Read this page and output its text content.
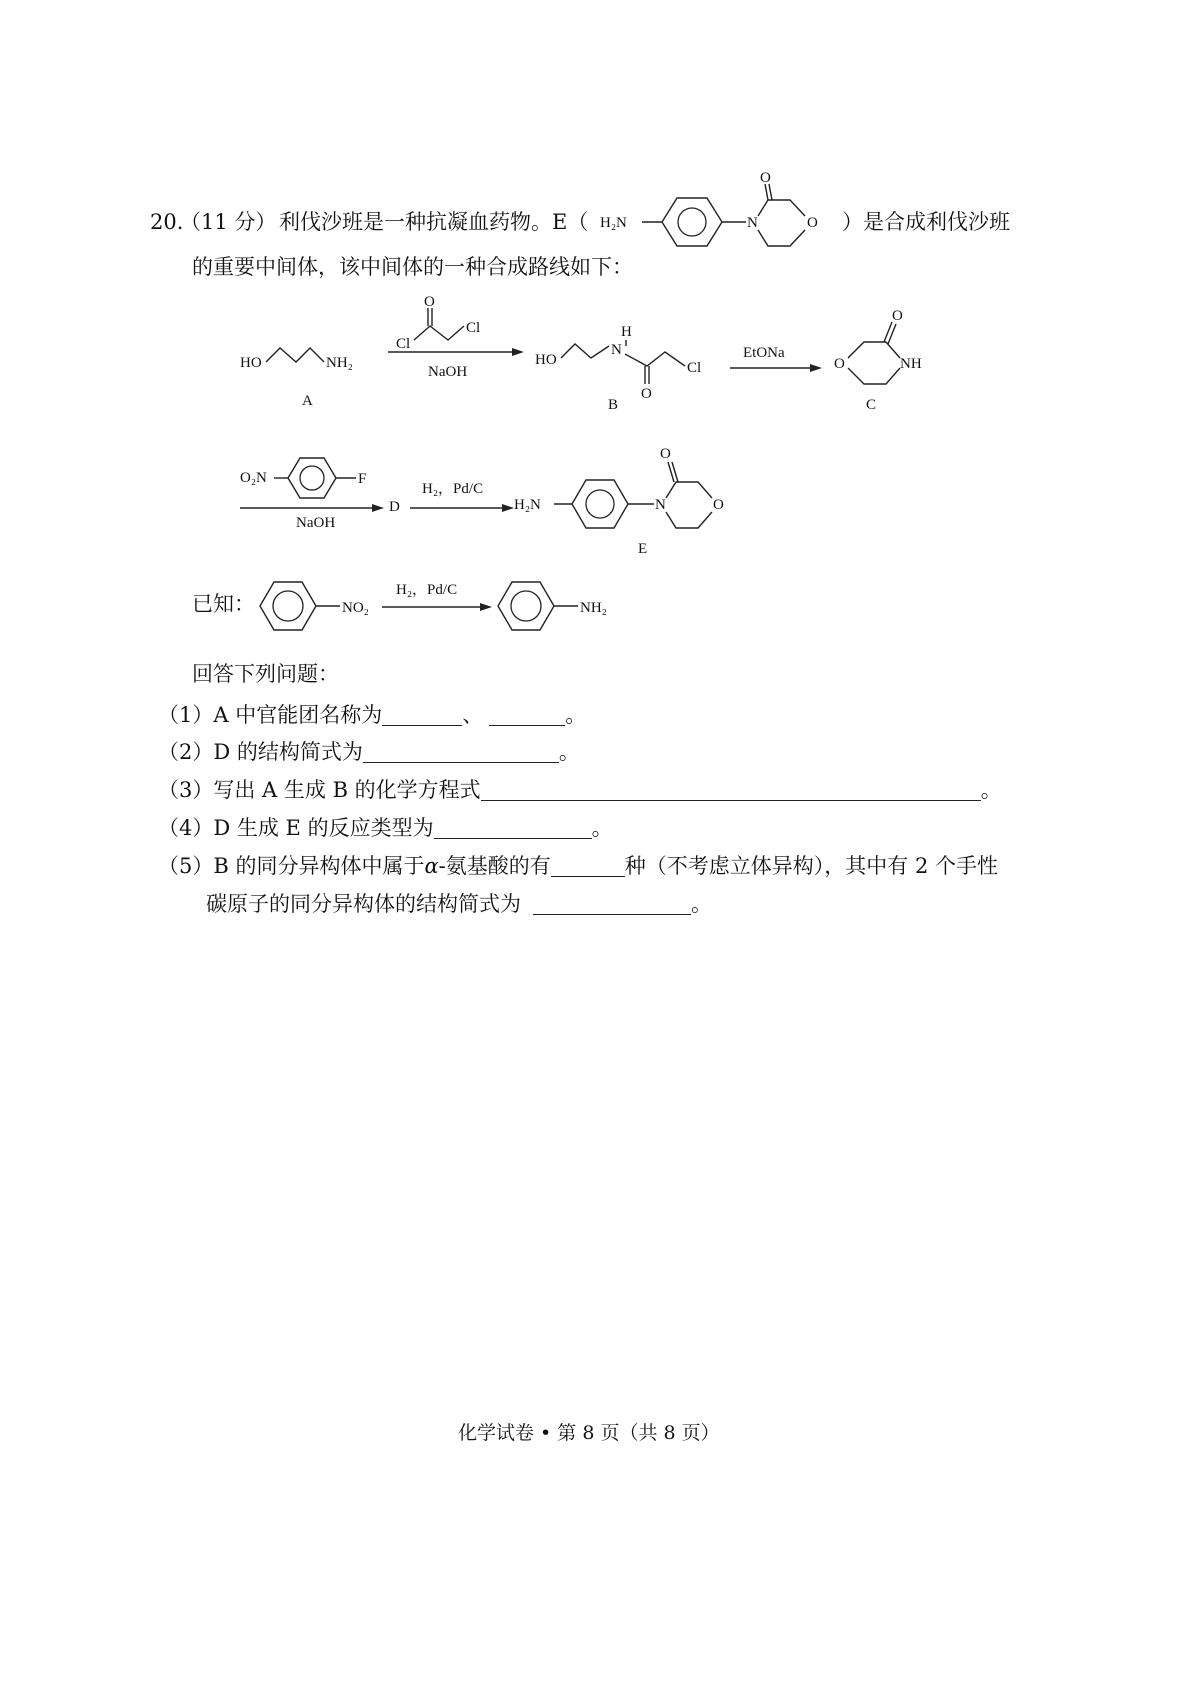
20.
（11 分） 利伐沙班是一种抗凝血药物。E（ H₂N	N
O
O ）是合成利伐沙班
的重要中间体，该中间体的一种合成路线如下：
HO	NH₂
A
Cl
O
Cl
NaOH
HO
N
H
O
Cl
B
EtONa
O
O
NH
C
O₂N	F
NaOH
D
H₂，Pd/C
H₂N	N
O
O
E
已知：	NO₂
H₂，Pd/C
NH₂
回答下列问题：
（1）A 中官能团名称为	、	。
（2）D 的结构简式为	。
（3）写出 A 生成 B 的化学方程式	。
（4）D 生成 E 的反应类型为	。
（5）B 的同分异构体中属于α-氨基酸的有	种（不考虑立体异构），其中有 2 个手性
碳原子的同分异构体的结构简式为	。
化学试卷 • 第 8 页（共 8 页）
